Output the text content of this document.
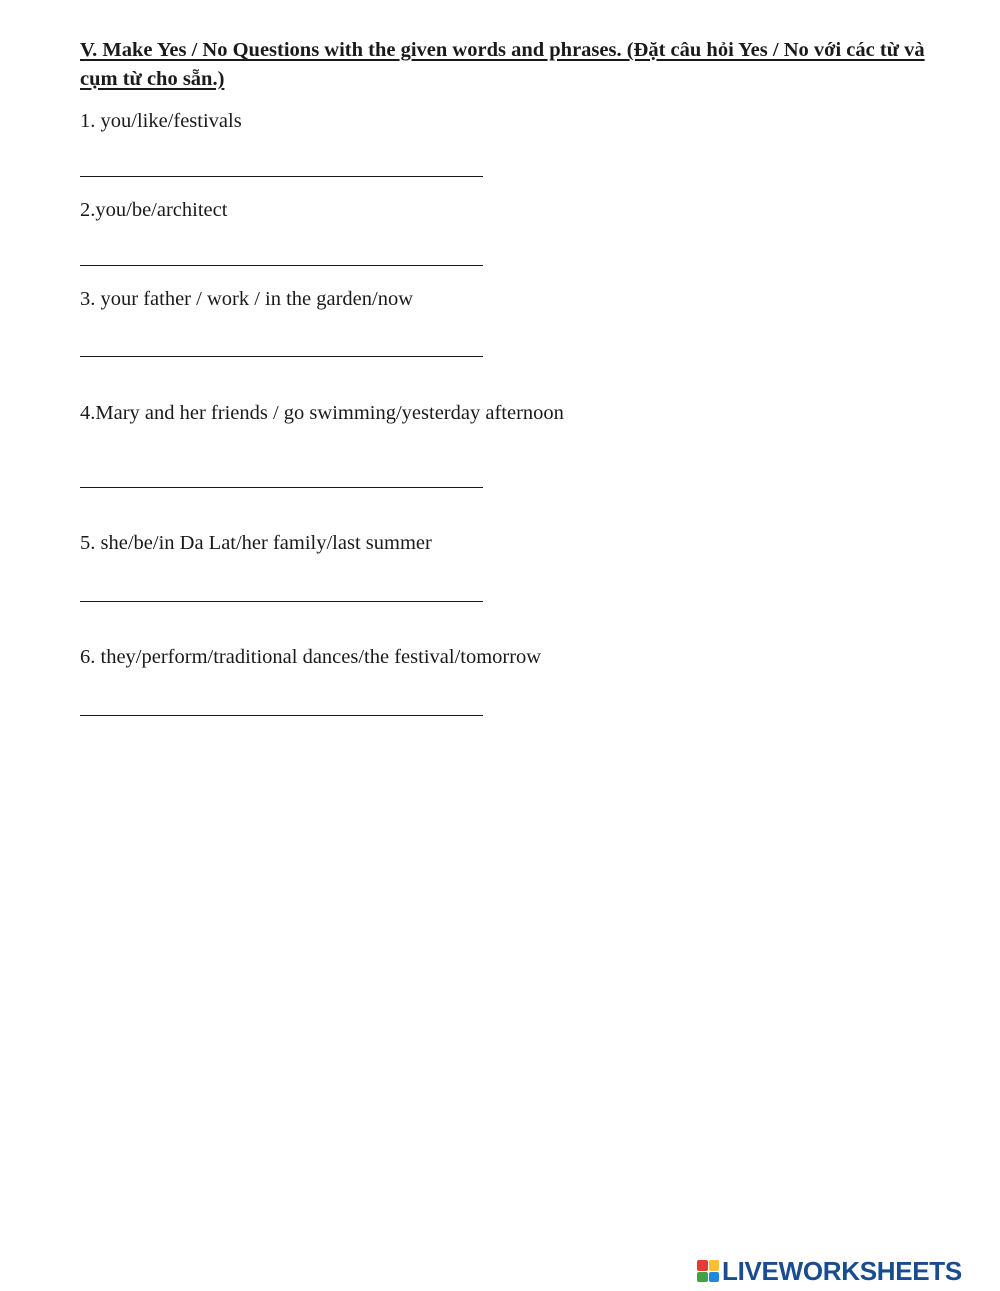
V. Make Yes / No Questions with the given words and phrases. (Đặt câu hỏi Yes / No với các từ và cụm từ cho sẵn.)
1. you/like/festivals
2.you/be/architect
3. your father / work / in the garden/now
4.Mary and her friends / go swimming/yesterday afternoon
5. she/be/in Da Lat/her family/last summer
6. they/perform/traditional dances/the festival/tomorrow
LIVEWORKSHEETS
